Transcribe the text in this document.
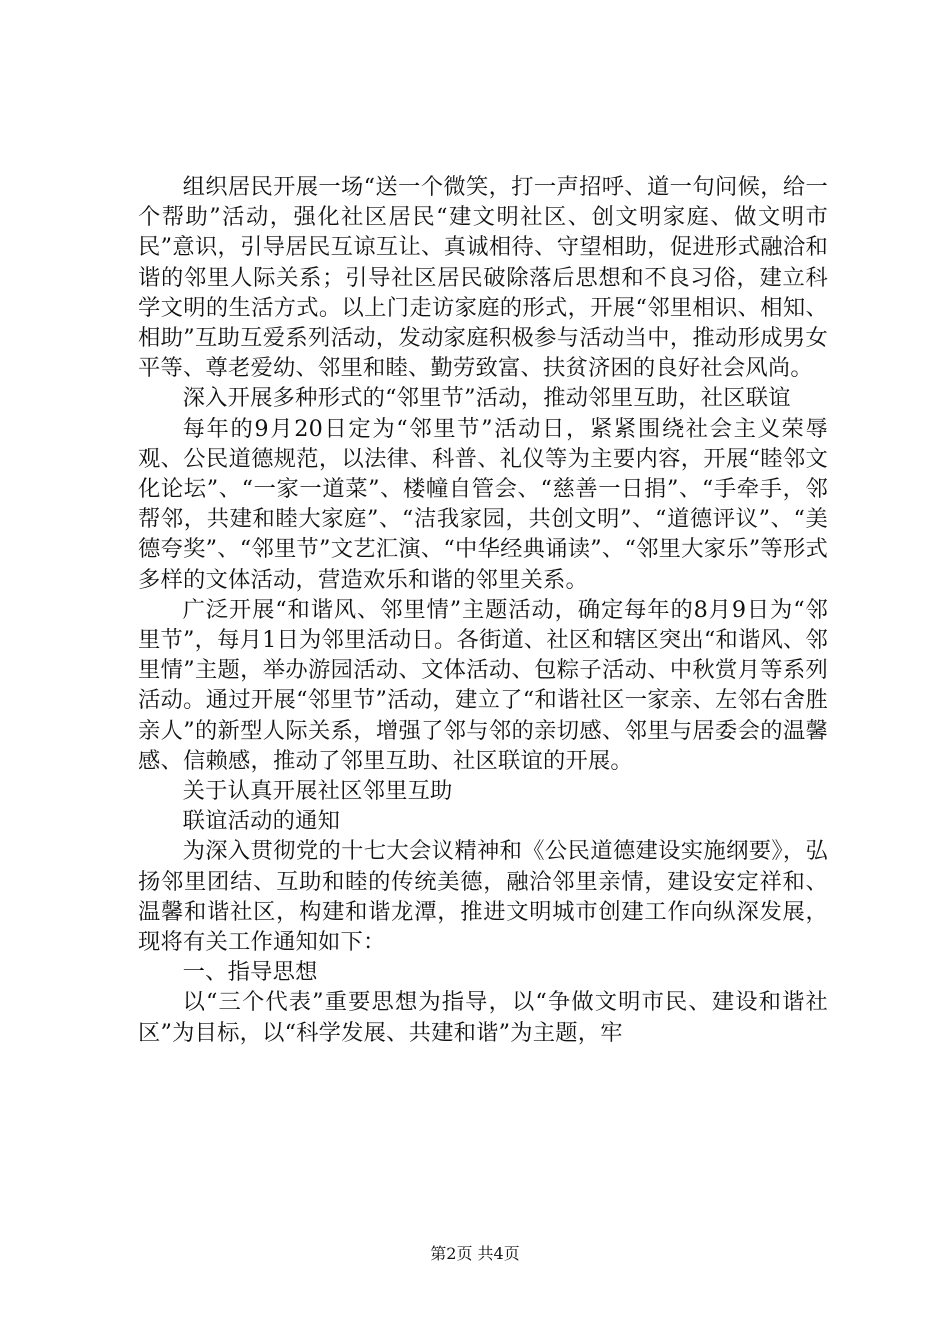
组织居民开展一场“送一个微笑，打一声招呼、道一句问候，给一个帮助”活动，强化社区居民“建文明社区、创文明家庭、做文明市民”意识，引导居民互谅互让、真诚相待、守望相助，促进形式融洽和谐的邻里人际关系；引导社区居民破除落后思想和不良习俗，建立科学文明的生活方式。以上门走访家庭的形式，开展“邻里相识、相知、相助”互助互爱系列活动，发动家庭积极参与活动当中，推动形成男女平等、尊老爱幼、邻里和睦、勤劳致富、扶贫济困的良好社会风尚。

深入开展多种形式的“邻里节”活动，推动邻里互助，社区联谊

每年的9月20日定为“邻里节”活动日，紧紧围绕社会主义荣辱观、公民道德规范，以法律、科普、礼仪等为主要内容，开展“睦邻文化论坛”、“一家一道菜”、楼幢自管会、“慈善一日捐”、“手牵手，邻帮邻，共建和睦大家庭”、“洁我家园，共创文明”、“道德评议”、“美德夸奖”、“邻里节”文艺汇演、“中华经典诵读”、“邻里大家乐”等形式多样的文体活动，营造欢乐和谐的邻里关系。

广泛开展“和谐风、邻里情”主题活动，确定每年的8月9日为“邻里节”，每月1日为邻里活动日。各街道、社区和辖区突出“和谐风、邻里情”主题，举办游园活动、文体活动、包粽子活动、中秋赏月等系列活动。通过开展“邻里节”活动，建立了“和谐社区一家亲、左邻右舍胜亲人”的新型人际关系，增强了邻与邻的亲切感、邻里与居委会的温馨感、信赖感，推动了邻里互助、社区联谊的开展。

关于认真开展社区邻里互助

联谊活动的通知

为深入贯彻党的十七大会议精神和《公民道德建设实施纲要》，弘扬邻里团结、互助和睦的传统美德，融洽邻里亲情，建设安定祥和、温馨和谐社区，构建和谐龙潭，推进文明城市创建工作向纵深发展，现将有关工作通知如下：

一、指导思想

以“三个代表”重要思想为指导，以“争做文明市民、建设和谐社区”为目标，以“科学发展、共建和谐”为主题，牢

第2页 共4页
